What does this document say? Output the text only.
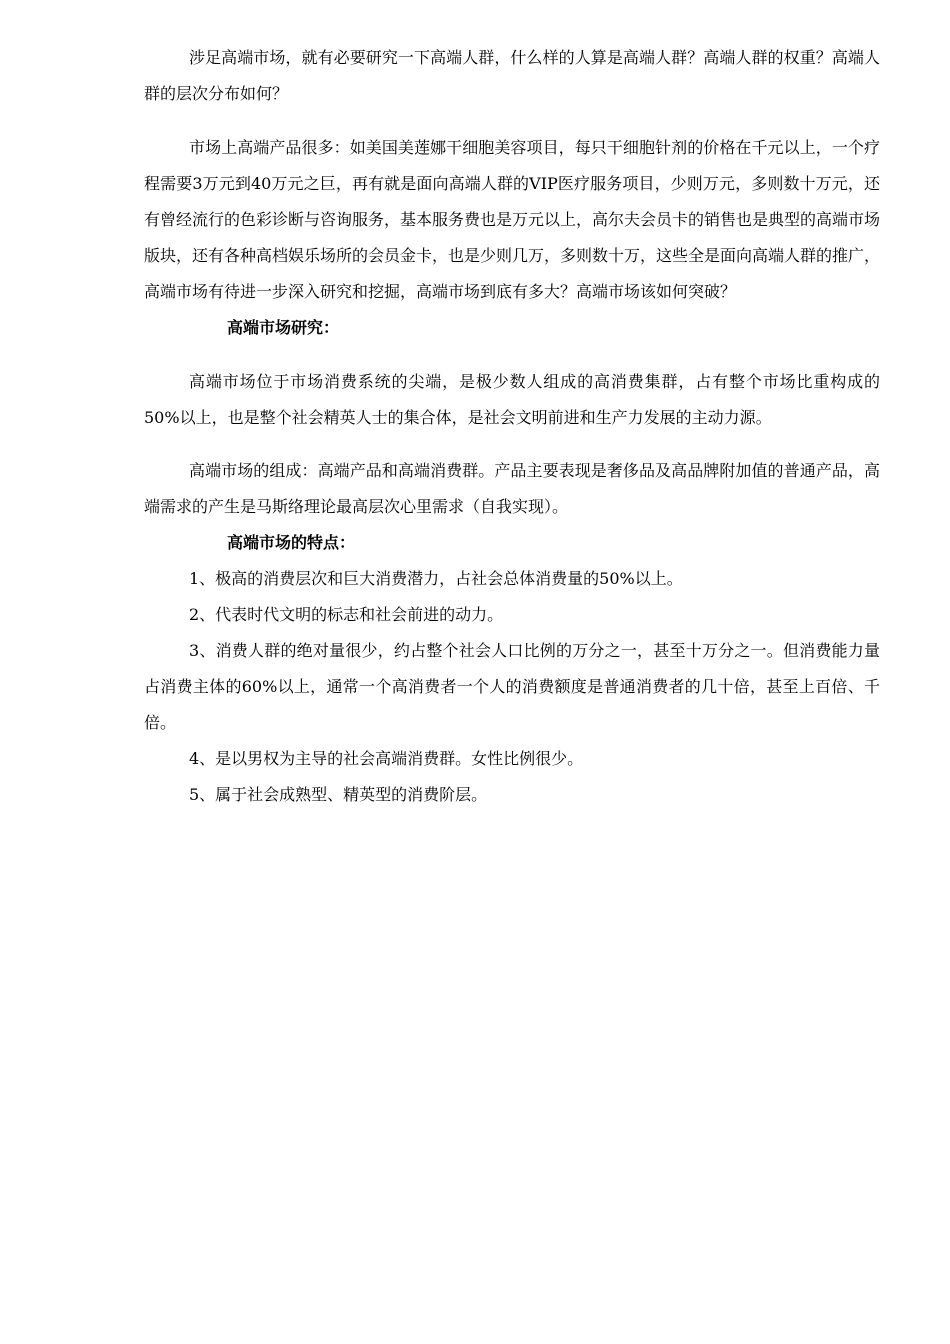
涉足高端市场，就有必要研究一下高端人群，什么样的人算是高端人群？高端人群的权重？高端人群的层次分布如何？

市场上高端产品很多：如美国美莲娜干细胞美容项目，每只干细胞针剂的价格在千元以上，一个疗程需要3万元到40万元之巨，再有就是面向高端人群的VIP医疗服务项目，少则万元，多则数十万元，还有曾经流行的色彩诊断与咨询服务，基本服务费也是万元以上，高尔夫会员卡的销售也是典型的高端市场版块，还有各种高档娱乐场所的会员金卡，也是少则几万，多则数十万，这些全是面向高端人群的推广，高端市场有待进一步深入研究和挖掘，高端市场到底有多大？高端市场该如何突破？

高端市场研究：

高端市场位于市场消费系统的尖端，是极少数人组成的高消费集群，占有整个市场比重构成的50%以上，也是整个社会精英人士的集合体，是社会文明前进和生产力发展的主动力源。

高端市场的组成：高端产品和高端消费群。产品主要表现是奢侈品及高品牌附加值的普通产品，高端需求的产生是马斯络理论最高层次心里需求（自我实现）。

高端市场的特点：

1、极高的消费层次和巨大消费潜力，占社会总体消费量的50%以上。

2、代表时代文明的标志和社会前进的动力。

3、消费人群的绝对量很少，约占整个社会人口比例的万分之一，甚至十万分之一。但消费能力量占消费主体的60%以上，通常一个高消费者一个人的消费额度是普通消费者的几十倍，甚至上百倍、千倍。

4、是以男权为主导的社会高端消费群。女性比例很少。

5、属于社会成熟型、精英型的消费阶层。
